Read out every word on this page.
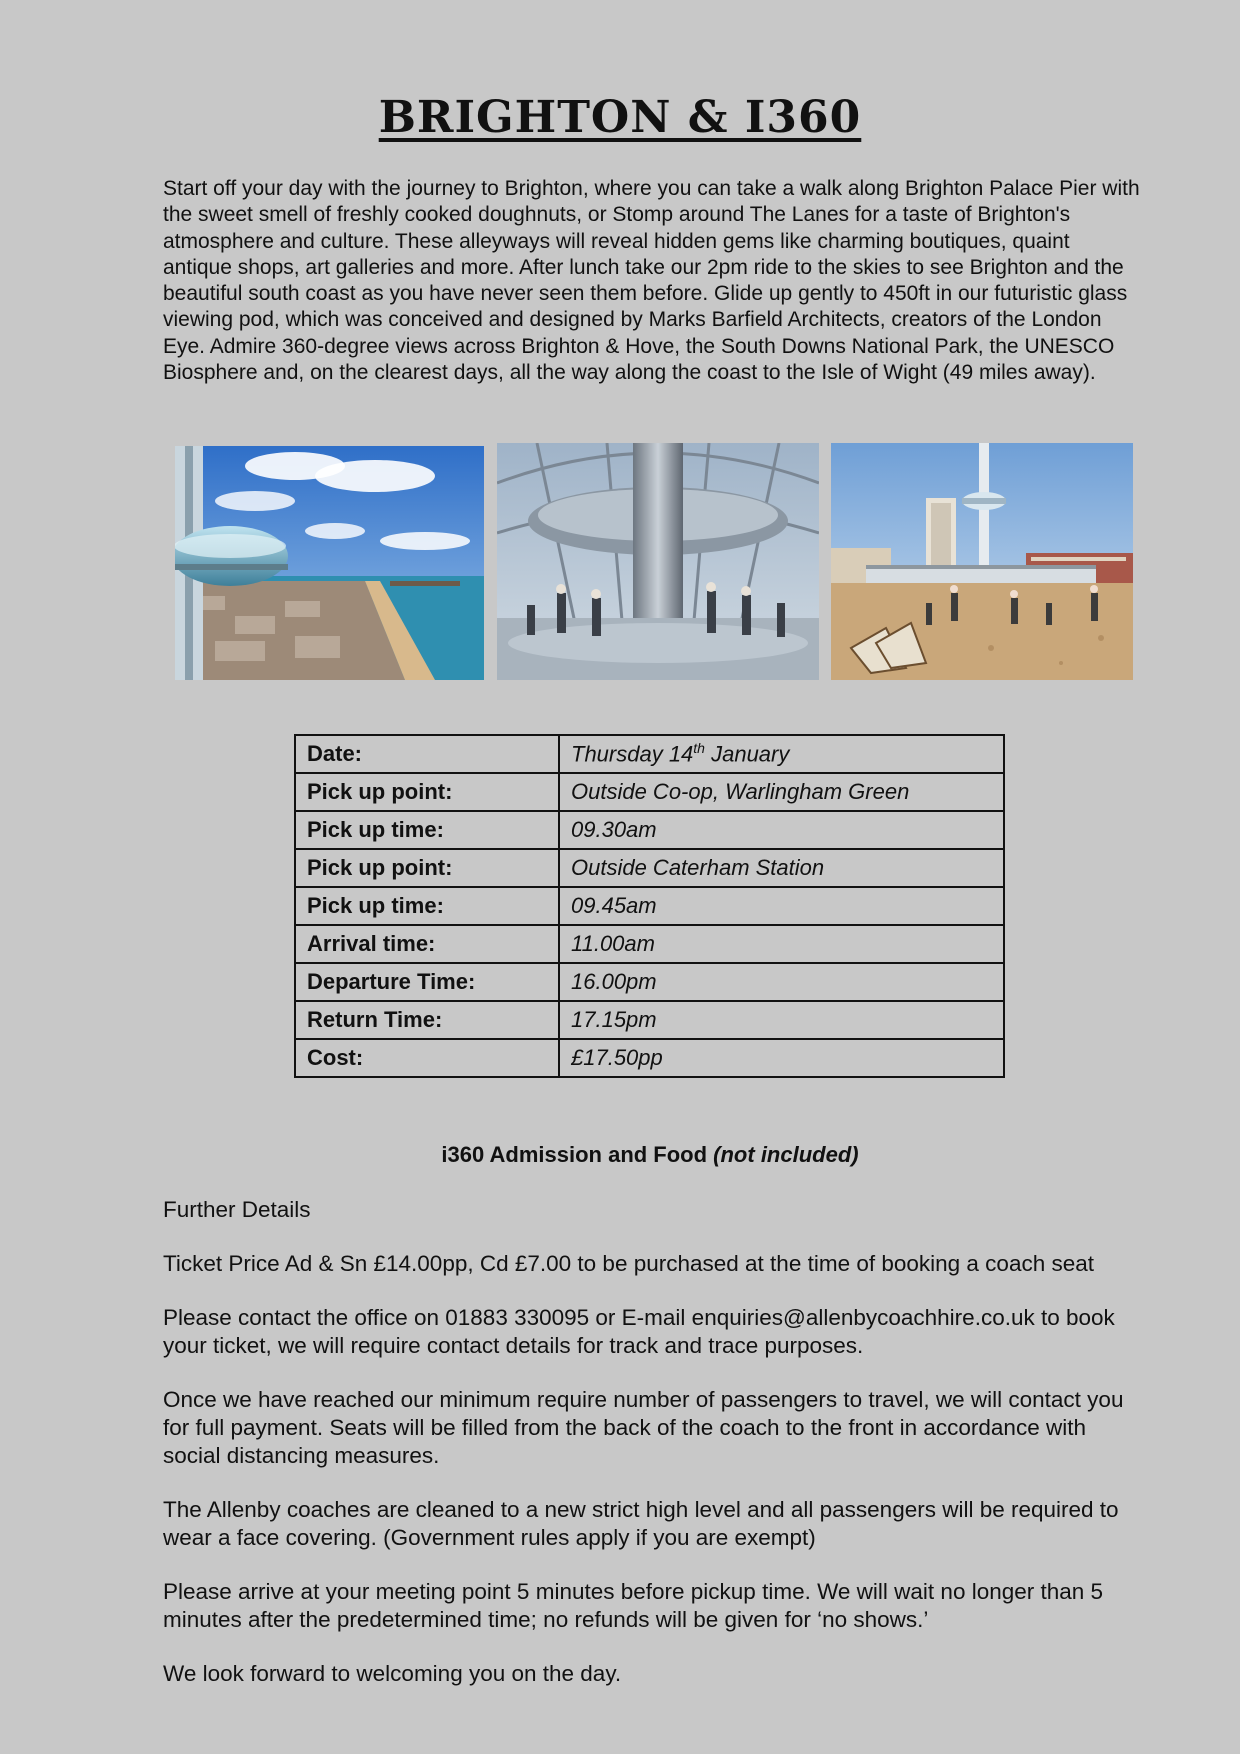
BRIGHTON & I360

Start off your day with the journey to Brighton, where you can take a walk along Brighton Palace Pier with the sweet smell of freshly cooked doughnuts, or Stomp around The Lanes for a taste of Brighton's atmosphere and culture. These alleyways will reveal hidden gems like charming boutiques, quaint antique shops, art galleries and more. After lunch take our 2pm ride to the skies to see Brighton and the beautiful south coast as you have never seen them before. Glide up gently to 450ft in our futuristic glass viewing pod, which was conceived and designed by Marks Barfield Architects, creators of the London Eye. Admire 360-degree views across Brighton & Hove, the South Downs National Park, the UNESCO Biosphere and, on the clearest days, all the way along the coast to the Isle of Wight (49 miles away).

Date:	Thursday 14th January
Pick up point:	Outside Co-op, Warlingham Green
Pick up time:	09.30am
Pick up point:	Outside Caterham Station
Pick up time:	09.45am
Arrival time:	11.00am
Departure Time:	16.00pm
Return Time:	17.15pm
Cost:	£17.50pp
i360 Admission and Food (not included)

Further Details

Ticket Price Ad & Sn £14.00pp, Cd £7.00 to be purchased at the time of booking a coach seat

Please contact the office on 01883 330095 or E-mail enquiries@allenbycoachhire.co.uk to book your ticket, we will require contact details for track and trace purposes.

Once we have reached our minimum require number of passengers to travel, we will contact you for full payment. Seats will be filled from the back of the coach to the front in accordance with social distancing measures.

The Allenby coaches are cleaned to a new strict high level and all passengers will be required to wear a face covering. (Government rules apply if you are exempt)

Please arrive at your meeting point 5 minutes before pickup time. We will wait no longer than 5 minutes after the predetermined time; no refunds will be given for ‘no shows.’

We look forward to welcoming you on the day.
